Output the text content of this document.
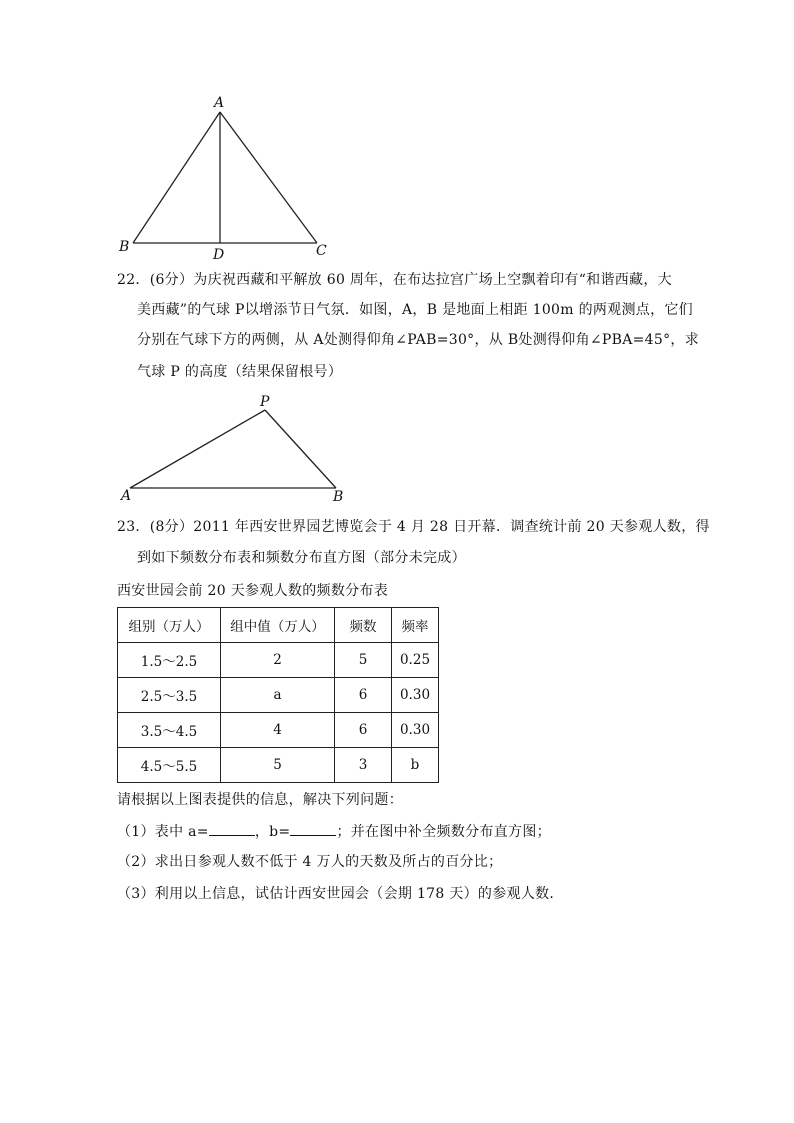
A
B	C
D
22．(6分）为庆祝西藏和平解放 60 周年，在布达拉宫广场上空飘着印有“和谐西藏，大
美西藏”的气球 P以增添节日气氛．如图，A，B 是地面上相距 100m 的两观测点，它们
分别在气球下方的两侧，从 A处测得仰角∠PAB=30°，从 B处测得仰角∠PBA=45°，求
气球 P 的高度（结果保留根号）
P
A	B
23．(8分）2011 年西安世界园艺博览会于 4 月 28 日开幕．调查统计前 20 天参观人数，得
到如下频数分布表和频数分布直方图（部分未完成）
西安世园会前 20 天参观人数的频数分布表
组别（万人）	组中值（万人）	频数	频率
1.5～2.5	2	5	0.25
2.5～3.5	a	6	0.30
3.5～4.5	4	6	0.30
4.5～5.5	5	3	b
请根据以上图表提供的信息，解决下列问题：
（1）表中 a=	，b=	；并在图中补全频数分布直方图；
（2）求出日参观人数不低于 4 万人的天数及所占的百分比；
（3）利用以上信息，试估计西安世园会（会期 178 天）的参观人数．
